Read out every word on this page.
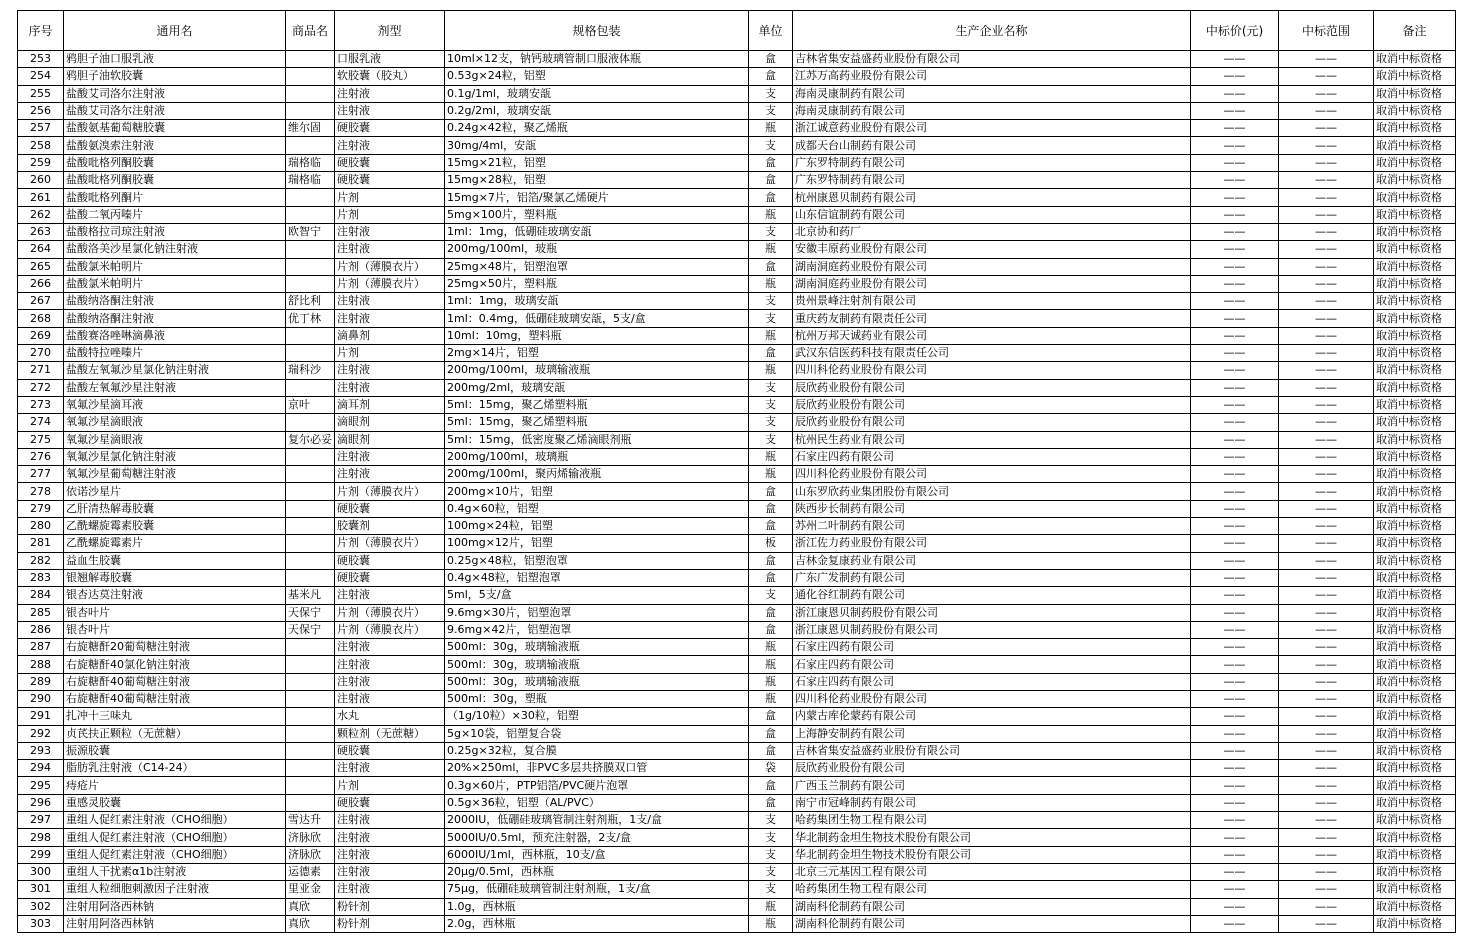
序号	通用名	商品名	剂型	规格包装	单位	生产企业名称	中标价(元)	中标范围	备注
253	鸦胆子油口服乳液		口服乳液	10ml×12支，钠钙玻璃管制口服液体瓶	盒	吉林省集安益盛药业股份有限公司	——	——	取消中标资格
254	鸦胆子油软胶囊		软胶囊（胶丸）	0.53g×24粒，铝塑	盒	江苏万高药业股份有限公司	——	——	取消中标资格
255	盐酸艾司洛尔注射液		注射液	0.1g/1ml，玻璃安瓿	支	海南灵康制药有限公司	——	——	取消中标资格
256	盐酸艾司洛尔注射液		注射液	0.2g/2ml，玻璃安瓿	支	海南灵康制药有限公司	——	——	取消中标资格
257	盐酸氨基葡萄糖胶囊	维尔固	硬胶囊	0.24g×42粒，聚乙烯瓶	瓶	浙江诚意药业股份有限公司	——	——	取消中标资格
258	盐酸氨溴索注射液		注射液	30mg/4ml，安瓿	支	成都天台山制药有限公司	——	——	取消中标资格
259	盐酸吡格列酮胶囊	瑞格临	硬胶囊	15mg×21粒，铝塑	盒	广东罗特制药有限公司	——	——	取消中标资格
260	盐酸吡格列酮胶囊	瑞格临	硬胶囊	15mg×28粒，铝塑	盒	广东罗特制药有限公司	——	——	取消中标资格
261	盐酸吡格列酮片		片剂	15mg×7片，铝箔/聚氯乙烯硬片	盒	杭州康恩贝制药有限公司	——	——	取消中标资格
262	盐酸二氧丙嗪片		片剂	5mg×100片，塑料瓶	瓶	山东信谊制药有限公司	——	——	取消中标资格
263	盐酸格拉司琼注射液	欧智宁	注射液	1ml：1mg，低硼硅玻璃安瓿	支	北京协和药厂	——	——	取消中标资格
264	盐酸洛美沙星氯化钠注射液		注射液	200mg/100ml，玻瓶	瓶	安徽丰原药业股份有限公司	——	——	取消中标资格
265	盐酸氯米帕明片		片剂（薄膜衣片）	25mg×48片，铝塑泡罩	盒	湖南洞庭药业股份有限公司	——	——	取消中标资格
266	盐酸氯米帕明片		片剂（薄膜衣片）	25mg×50片，塑料瓶	瓶	湖南洞庭药业股份有限公司	——	——	取消中标资格
267	盐酸纳洛酮注射液	舒比利	注射液	1ml：1mg，玻璃安瓿	支	贵州景峰注射剂有限公司	——	——	取消中标资格
268	盐酸纳洛酮注射液	优丁林	注射液	1ml：0.4mg，低硼硅玻璃安瓿，5支/盒	支	重庆药友制药有限责任公司	——	——	取消中标资格
269	盐酸赛洛唑啉滴鼻液		滴鼻剂	10ml：10mg，塑料瓶	瓶	杭州万邦天诚药业有限公司	——	——	取消中标资格
270	盐酸特拉唑嗪片		片剂	2mg×14片，铝塑	盒	武汉东信医药科技有限责任公司	——	——	取消中标资格
271	盐酸左氧氟沙星氯化钠注射液	瑞科沙	注射液	200mg/100ml，玻璃输液瓶	瓶	四川科伦药业股份有限公司	——	——	取消中标资格
272	盐酸左氧氟沙星注射液		注射液	200mg/2ml，玻璃安瓿	支	辰欣药业股份有限公司	——	——	取消中标资格
273	氧氟沙星滴耳液	京叶	滴耳剂	5ml：15mg，聚乙烯塑料瓶	支	辰欣药业股份有限公司	——	——	取消中标资格
274	氧氟沙星滴眼液		滴眼剂	5ml：15mg，聚乙烯塑料瓶	支	辰欣药业股份有限公司	——	——	取消中标资格
275	氧氟沙星滴眼液	复尔必妥	滴眼剂	5ml：15mg，低密度聚乙烯滴眼剂瓶	支	杭州民生药业有限公司	——	——	取消中标资格
276	氧氟沙星氯化钠注射液		注射液	200mg/100ml，玻璃瓶	瓶	石家庄四药有限公司	——	——	取消中标资格
277	氧氟沙星葡萄糖注射液		注射液	200mg/100ml，聚丙烯输液瓶	瓶	四川科伦药业股份有限公司	——	——	取消中标资格
278	依诺沙星片		片剂（薄膜衣片）	200mg×10片，铝塑	盒	山东罗欣药业集团股份有限公司	——	——	取消中标资格
279	乙肝清热解毒胶囊		硬胶囊	0.4g×60粒，铝塑	盒	陕西步长制药有限公司	——	——	取消中标资格
280	乙酰螺旋霉素胶囊		胶囊剂	100mg×24粒，铝塑	盒	苏州二叶制药有限公司	——	——	取消中标资格
281	乙酰螺旋霉素片		片剂（薄膜衣片）	100mg×12片，铝塑	板	浙江佐力药业股份有限公司	——	——	取消中标资格
282	益血生胶囊		硬胶囊	0.25g×48粒，铝塑泡罩	盒	吉林金复康药业有限公司	——	——	取消中标资格
283	银翘解毒胶囊		硬胶囊	0.4g×48粒，铝塑泡罩	盒	广东广发制药有限公司	——	——	取消中标资格
284	银杏达莫注射液	基米凡	注射液	5ml，5支/盒	支	通化谷红制药有限公司	——	——	取消中标资格
285	银杏叶片	天保宁	片剂（薄膜衣片）	9.6mg×30片，铝塑泡罩	盒	浙江康恩贝制药股份有限公司	——	——	取消中标资格
286	银杏叶片	天保宁	片剂（薄膜衣片）	9.6mg×42片，铝塑泡罩	盒	浙江康恩贝制药股份有限公司	——	——	取消中标资格
287	右旋糖酐20葡萄糖注射液		注射液	500ml：30g，玻璃输液瓶	瓶	石家庄四药有限公司	——	——	取消中标资格
288	右旋糖酐40氯化钠注射液		注射液	500ml：30g，玻璃输液瓶	瓶	石家庄四药有限公司	——	——	取消中标资格
289	右旋糖酐40葡萄糖注射液		注射液	500ml：30g，玻璃输液瓶	瓶	石家庄四药有限公司	——	——	取消中标资格
290	右旋糖酐40葡萄糖注射液		注射液	500ml：30g，塑瓶	瓶	四川科伦药业股份有限公司	——	——	取消中标资格
291	扎冲十三味丸		水丸	（1g/10粒）×30粒，铝塑	盒	内蒙古库伦蒙药有限公司	——	——	取消中标资格
292	贞芪扶正颗粒（无蔗糖）		颗粒剂（无蔗糖）	5g×10袋，铝塑复合袋	盒	上海静安制药有限公司	——	——	取消中标资格
293	振源胶囊		硬胶囊	0.25g×32粒，复合膜	盒	吉林省集安益盛药业股份有限公司	——	——	取消中标资格
294	脂肪乳注射液（C14-24）		注射液	20%×250ml，非PVC多层共挤膜双口管	袋	辰欣药业股份有限公司	——	——	取消中标资格
295	痔疮片		片剂	0.3g×60片，PTP铝箔/PVC硬片泡罩	盒	广西玉兰制药有限公司	——	——	取消中标资格
296	重感灵胶囊		硬胶囊	0.5g×36粒，铝塑（AL/PVC）	盒	南宁市冠峰制药有限公司	——	——	取消中标资格
297	重组人促红素注射液（CHO细胞）	雪达升	注射液	2000IU，低硼硅玻璃管制注射剂瓶，1支/盒	支	哈药集团生物工程有限公司	——	——	取消中标资格
298	重组人促红素注射液（CHO细胞）	济脉欣	注射液	5000IU/0.5ml，预充注射器，2支/盒	支	华北制药金坦生物技术股份有限公司	——	——	取消中标资格
299	重组人促红素注射液（CHO细胞）	济脉欣	注射液	6000IU/1ml，西林瓶，10支/盒	支	华北制药金坦生物技术股份有限公司	——	——	取消中标资格
300	重组人干扰素α1b注射液	运德素	注射液	20μg/0.5ml，西林瓶	支	北京三元基因工程有限公司	——	——	取消中标资格
301	重组人粒细胞刺激因子注射液	里亚金	注射液	75μg，低硼硅玻璃管制注射剂瓶，1支/盒	支	哈药集团生物工程有限公司	——	——	取消中标资格
302	注射用阿洛西林钠	真欣	粉针剂	1.0g，西林瓶	瓶	湖南科伦制药有限公司	——	——	取消中标资格
303	注射用阿洛西林钠	真欣	粉针剂	2.0g，西林瓶	瓶	湖南科伦制药有限公司	——	——	取消中标资格
